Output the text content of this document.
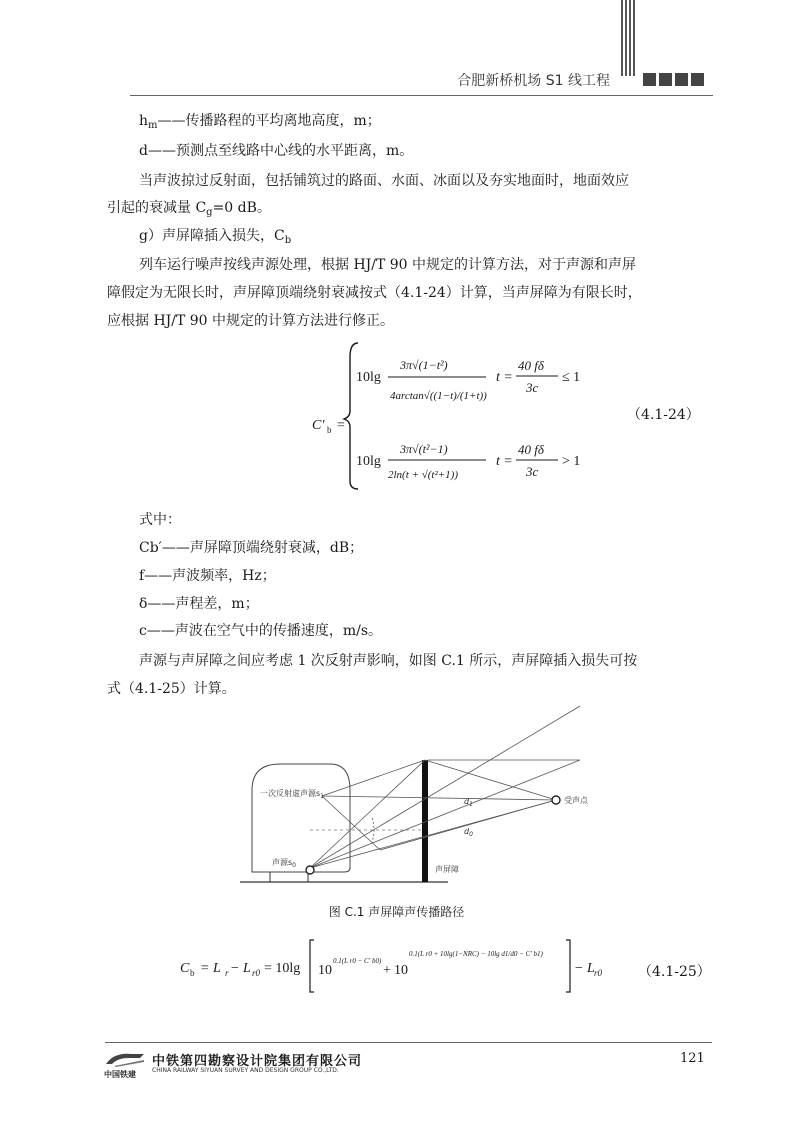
合肥新桥机场 S1 线工程
$h_m——$传播路程的平均离地高度，m；
d——预测点至线路中心线的水平距离，m。
当声波掠过反射面，包括铺筑过的路面、水面、冰面以及夯实地面时，地面效应
引起的衰减量 $C_g=0$ dB。
g）声屏障插入损失，$C_b$
列车运行噪声按线声源处理，根据 HJ/T 90 中规定的计算方法，对于声源和声屏
障假定为无限长时，声屏障顶端绕射衰减按式（4.1-24）计算，当声屏障为有限长时，
应根据 HJ/T 90 中规定的计算方法进行修正。
C′ b =
10lg
3π√(1−t²)
4arctan√((1−t)/(1+t))
t =
40 fδ
3c
≤ 1
10lg
3π√(t²−1)
2ln(t + √(t²+1))
t =
40 fδ
3c
> 1
（4.1-24）
式中：
Cb′——声屏障顶端绕射衰减，dB；
f——声波频率，Hz；
δ——声程差，m；
c——声波在空气中的传播速度，m/s。
声源与声屏障之间应考虑 1 次反射声影响，如图 C.1 所示，声屏障插入损失可按
式（4.1-25）计算。
一次反射虚声源$s_1$
声源$s_0$
受声点
声屏障
$d_1$
$d_0$
图 C.1 声屏障声传播路径
C b = L r − L r0 = 10lg 10
0.1(L r0 − C′ b0)
+ 10
0.1(L r0 + 10lg(1−NRC) − 10lg d1/d0 − C′ b1)
− L r0	（4.1-25）
中铁第四勘察设计院集团有限公司
CHINA RAILWAY SIYUAN SURVEY AND DESIGN GROUP CO.,LTD.
中国铁建
121
